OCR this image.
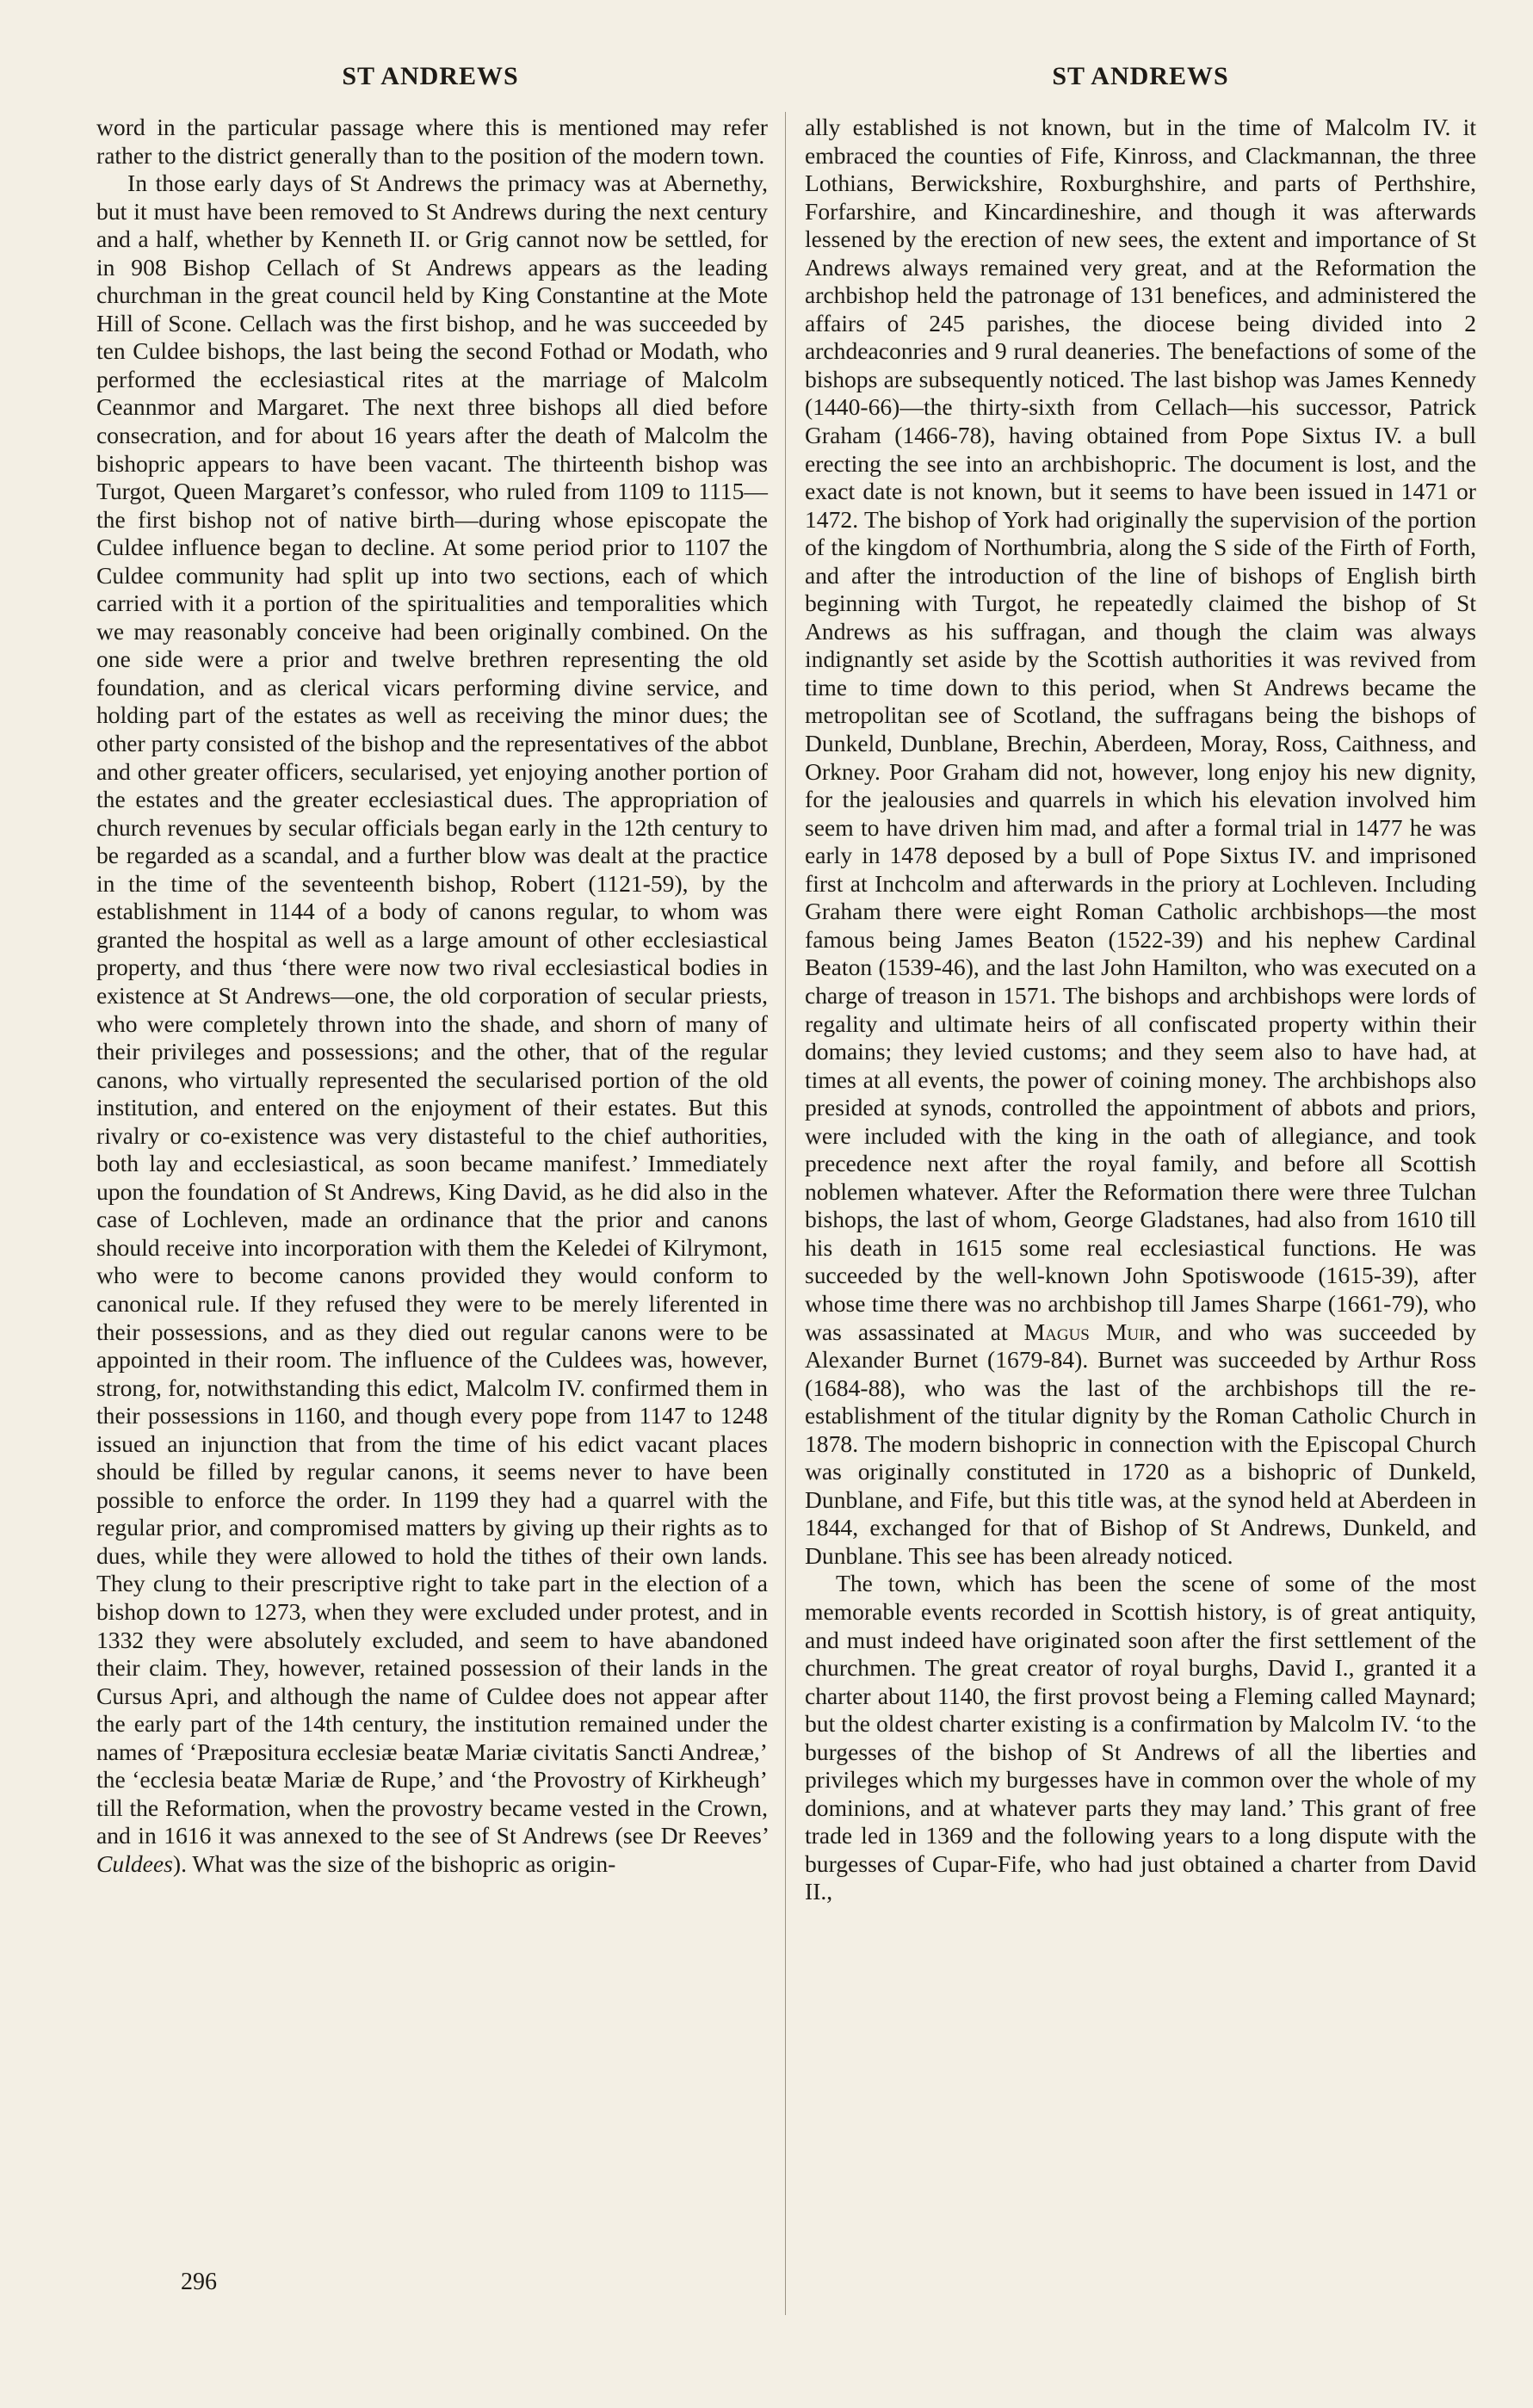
ST ANDREWS	ST ANDREWS

word in the particular passage where this is mentioned may refer rather to the district generally than to the position of the modern town.

In those early days of St Andrews the primacy was at Abernethy, but it must have been removed to St Andrews during the next century and a half, whether by Kenneth II. or Grig cannot now be settled, for in 908 Bishop Cellach of St Andrews appears as the leading churchman in the great council held by King Constantine at the Mote Hill of Scone. Cellach was the first bishop, and he was succeeded by ten Culdee bishops, the last being the second Fothad or Modath, who performed the ecclesiastical rites at the marriage of Malcolm Ceannmor and Margaret. The next three bishops all died before consecration, and for about 16 years after the death of Malcolm the bishopric appears to have been vacant. The thirteenth bishop was Turgot, Queen Margaret’s confessor, who ruled from 1109 to 1115—the first bishop not of native birth—during whose episcopate the Culdee influence began to decline. At some period prior to 1107 the Culdee community had split up into two sections, each of which carried with it a portion of the spiritualities and temporalities which we may reasonably conceive had been originally combined. On the one side were a prior and twelve brethren representing the old foundation, and as clerical vicars performing divine service, and holding part of the estates as well as receiving the minor dues; the other party consisted of the bishop and the representatives of the abbot and other greater officers, secularised, yet enjoying another portion of the estates and the greater ecclesiastical dues. The appropriation of church revenues by secular officials began early in the 12th century to be regarded as a scandal, and a further blow was dealt at the practice in the time of the seventeenth bishop, Robert (1121-59), by the establishment in 1144 of a body of canons regular, to whom was granted the hospital as well as a large amount of other ecclesiastical property, and thus ‘there were now two rival ecclesiastical bodies in existence at St Andrews—one, the old corporation of secular priests, who were completely thrown into the shade, and shorn of many of their privileges and possessions; and the other, that of the regular canons, who virtually represented the secularised portion of the old institution, and entered on the enjoyment of their estates. But this rivalry or co-existence was very distasteful to the chief authorities, both lay and ecclesiastical, as soon became manifest.’ Immediately upon the foundation of St Andrews, King David, as he did also in the case of Lochleven, made an ordinance that the prior and canons should receive into incorporation with them the Keledei of Kilrymont, who were to become canons provided they would conform to canonical rule. If they refused they were to be merely liferented in their possessions, and as they died out regular canons were to be appointed in their room. The influence of the Culdees was, however, strong, for, notwithstanding this edict, Malcolm IV. confirmed them in their possessions in 1160, and though every pope from 1147 to 1248 issued an injunction that from the time of his edict vacant places should be filled by regular canons, it seems never to have been possible to enforce the order. In 1199 they had a quarrel with the regular prior, and compromised matters by giving up their rights as to dues, while they were allowed to hold the tithes of their own lands. They clung to their prescriptive right to take part in the election of a bishop down to 1273, when they were excluded under protest, and in 1332 they were absolutely excluded, and seem to have abandoned their claim. They, however, retained possession of their lands in the Cursus Apri, and although the name of Culdee does not appear after the early part of the 14th century, the institution remained under the names of ‘Præpositura ecclesiæ beatæ Mariæ civitatis Sancti Andreæ,’ the ‘ecclesia beatæ Mariæ de Rupe,’ and ‘the Provostry of Kirkheugh’ till the Reformation, when the provostry became vested in the Crown, and in 1616 it was annexed to the see of St Andrews (see Dr Reeves’ Culdees). What was the size of the bishopric as origin-

ally established is not known, but in the time of Malcolm IV. it embraced the counties of Fife, Kinross, and Clackmannan, the three Lothians, Berwickshire, Roxburghshire, and parts of Perthshire, Forfarshire, and Kincardineshire, and though it was afterwards lessened by the erection of new sees, the extent and importance of St Andrews always remained very great, and at the Reformation the archbishop held the patronage of 131 benefices, and administered the affairs of 245 parishes, the diocese being divided into 2 archdeaconries and 9 rural deaneries. The benefactions of some of the bishops are subsequently noticed. The last bishop was James Kennedy (1440-66)—the thirty-sixth from Cellach—his successor, Patrick Graham (1466-78), having obtained from Pope Sixtus IV. a bull erecting the see into an archbishopric. The document is lost, and the exact date is not known, but it seems to have been issued in 1471 or 1472. The bishop of York had originally the supervision of the portion of the kingdom of Northumbria, along the S side of the Firth of Forth, and after the introduction of the line of bishops of English birth beginning with Turgot, he repeatedly claimed the bishop of St Andrews as his suffragan, and though the claim was always indignantly set aside by the Scottish authorities it was revived from time to time down to this period, when St Andrews became the metropolitan see of Scotland, the suffragans being the bishops of Dunkeld, Dunblane, Brechin, Aberdeen, Moray, Ross, Caithness, and Orkney. Poor Graham did not, however, long enjoy his new dignity, for the jealousies and quarrels in which his elevation involved him seem to have driven him mad, and after a formal trial in 1477 he was early in 1478 deposed by a bull of Pope Sixtus IV. and imprisoned first at Inchcolm and afterwards in the priory at Lochleven. Including Graham there were eight Roman Catholic archbishops—the most famous being James Beaton (1522-39) and his nephew Cardinal Beaton (1539-46), and the last John Hamilton, who was executed on a charge of treason in 1571. The bishops and archbishops were lords of regality and ultimate heirs of all confiscated property within their domains; they levied customs; and they seem also to have had, at times at all events, the power of coining money. The archbishops also presided at synods, controlled the appointment of abbots and priors, were included with the king in the oath of allegiance, and took precedence next after the royal family, and before all Scottish noblemen whatever. After the Reformation there were three Tulchan bishops, the last of whom, George Gladstanes, had also from 1610 till his death in 1615 some real ecclesiastical functions. He was succeeded by the well-known John Spotiswoode (1615-39), after whose time there was no archbishop till James Sharpe (1661-79), who was assassinated at Magus Muir, and who was succeeded by Alexander Burnet (1679-84). Burnet was succeeded by Arthur Ross (1684-88), who was the last of the archbishops till the re-establishment of the titular dignity by the Roman Catholic Church in 1878. The modern bishopric in connection with the Episcopal Church was originally constituted in 1720 as a bishopric of Dunkeld, Dunblane, and Fife, but this title was, at the synod held at Aberdeen in 1844, exchanged for that of Bishop of St Andrews, Dunkeld, and Dunblane. This see has been already noticed.

The town, which has been the scene of some of the most memorable events recorded in Scottish history, is of great antiquity, and must indeed have originated soon after the first settlement of the churchmen. The great creator of royal burghs, David I., granted it a charter about 1140, the first provost being a Fleming called Maynard; but the oldest charter existing is a confirmation by Malcolm IV. ‘to the burgesses of the bishop of St Andrews of all the liberties and privileges which my burgesses have in common over the whole of my dominions, and at whatever parts they may land.’ This grant of free trade led in 1369 and the following years to a long dispute with the burgesses of Cupar-Fife, who had just obtained a charter from David II.,

296
